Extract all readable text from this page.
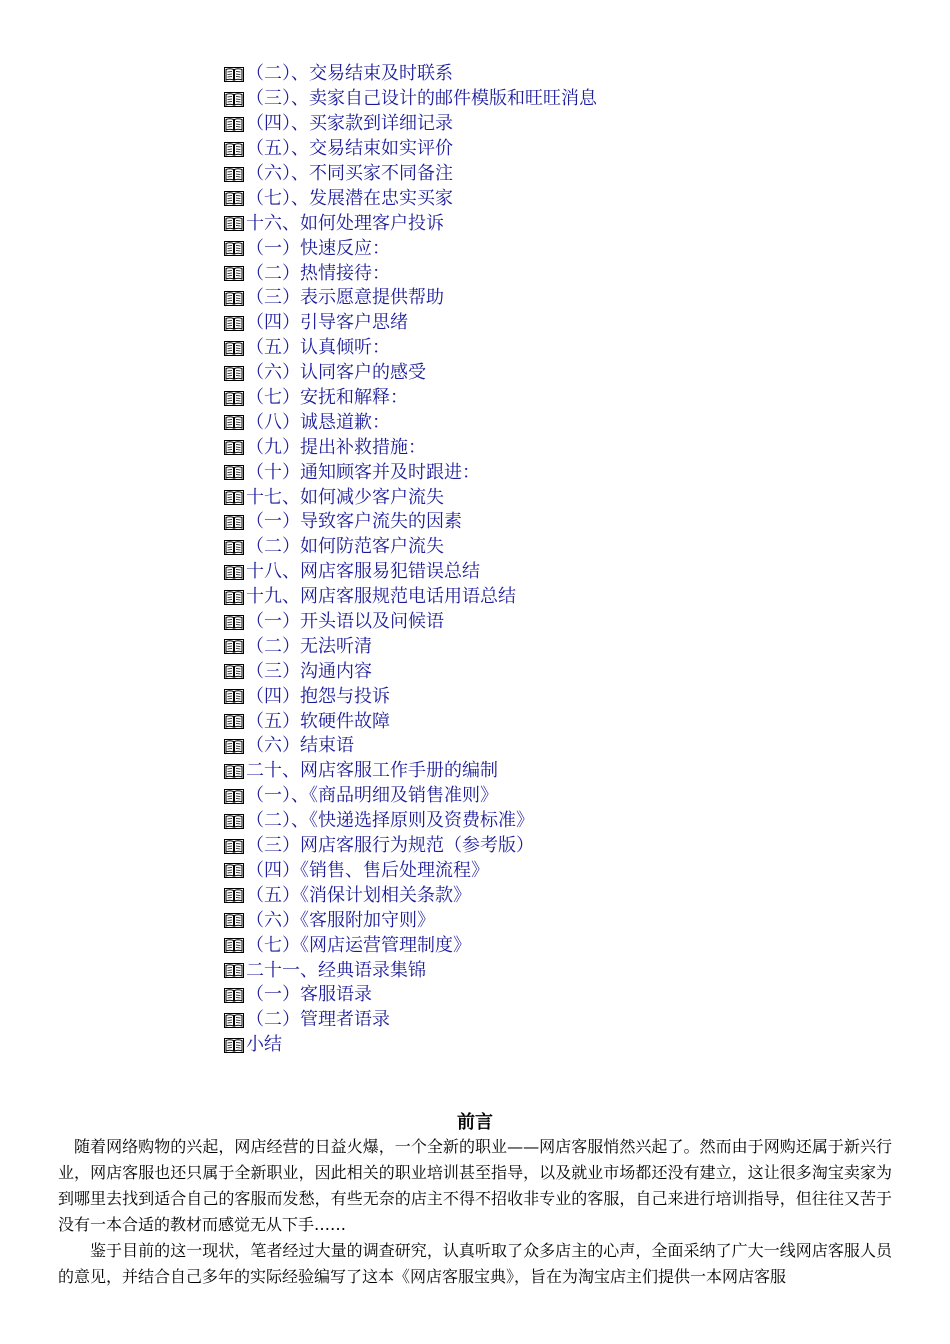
（二）、交易结束及时联系
（三）、卖家自己设计的邮件模版和旺旺消息
（四）、买家款到详细记录
（五）、交易结束如实评价
（六）、不同买家不同备注
（七）、发展潜在忠实买家
十六、如何处理客户投诉
（一）快速反应：
（二）热情接待：
（三）表示愿意提供帮助
（四）引导客户思绪
（五）认真倾听：
（六）认同客户的感受
（七）安抚和解释：
（八）诚恳道歉：
（九）提出补救措施：
（十）通知顾客并及时跟进：
十七、如何减少客户流失
（一）导致客户流失的因素
（二）如何防范客户流失
十八、网店客服易犯错误总结
十九、网店客服规范电话用语总结
（一）开头语以及问候语
（二）无法听清
（三）沟通内容
（四）抱怨与投诉
（五）软硬件故障
（六）结束语
二十、网店客服工作手册的编制
（一）、《商品明细及销售准则》
（二）、《快递选择原则及资费标准》
（三）网店客服行为规范（参考版）
（四）《销售、售后处理流程》
（五）《消保计划相关条款》
（六）《客服附加守则》
（七）《网店运营管理制度》
二十一、经典语录集锦
（一）客服语录
（二）管理者语录
小结
前言

随着网络购物的兴起，网店经营的日益火爆，一个全新的职业——网店客服悄然兴起了。然而由于网购还属于新兴行业，网店客服也还只属于全新职业，因此相关的职业培训甚至指导，以及就业市场都还没有建立，这让很多淘宝卖家为到哪里去找到适合自己的客服而发愁，有些无奈的店主不得不招收非专业的客服，自己来进行培训指导，但往往又苦于没有一本合适的教材而感觉无从下手……

鉴于目前的这一现状，笔者经过大量的调查研究，认真听取了众多店主的心声，全面采纳了广大一线网店客服人员的意见，并结合自己多年的实际经验编写了这本《网店客服宝典》，旨在为淘宝店主们提供一本网店客服
